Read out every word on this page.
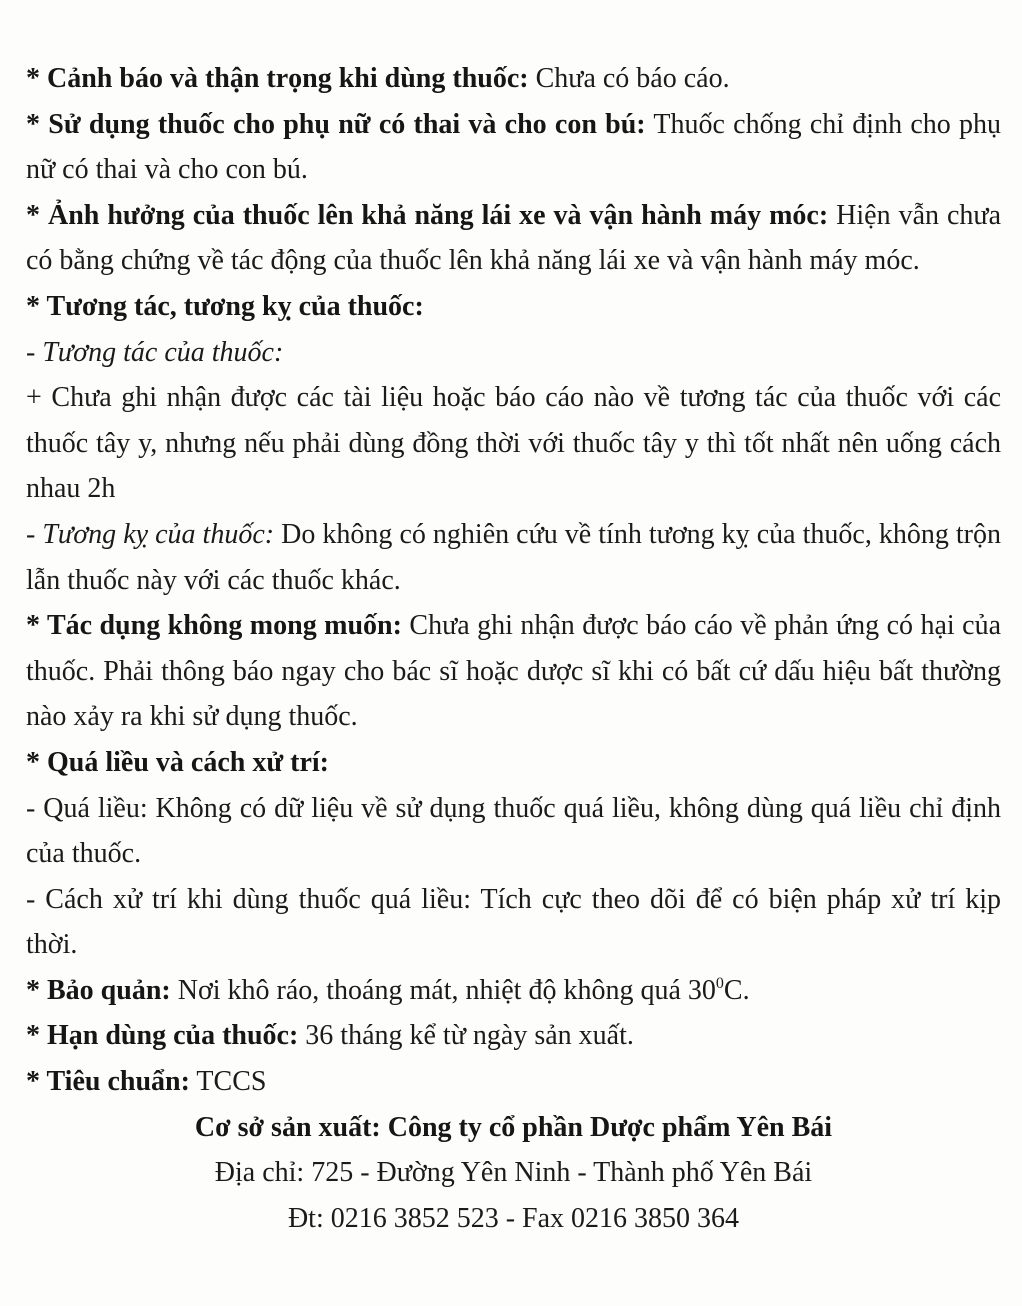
* Cảnh báo và thận trọng khi dùng thuốc: Chưa có báo cáo.

* Sử dụng thuốc cho phụ nữ có thai và cho con bú: Thuốc chống chỉ định cho phụ nữ có thai và cho con bú.

* Ảnh hưởng của thuốc lên khả năng lái xe và vận hành máy móc: Hiện vẫn chưa có bằng chứng về tác động của thuốc lên khả năng lái xe và vận hành máy móc.

* Tương tác, tương kỵ của thuốc:

- Tương tác của thuốc:

+ Chưa ghi nhận được các tài liệu hoặc báo cáo nào về tương tác của thuốc với các thuốc tây y, nhưng nếu phải dùng đồng thời với thuốc tây y thì tốt nhất nên uống cách nhau 2h

- Tương kỵ của thuốc: Do không có nghiên cứu về tính tương kỵ của thuốc, không trộn lẫn thuốc này với các thuốc khác.

* Tác dụng không mong muốn: Chưa ghi nhận được báo cáo về phản ứng có hại của thuốc. Phải thông báo ngay cho bác sĩ hoặc dược sĩ khi có bất cứ dấu hiệu bất thường nào xảy ra khi sử dụng thuốc.

* Quá liều và cách xử trí:

- Quá liều: Không có dữ liệu về sử dụng thuốc quá liều, không dùng quá liều chỉ định của thuốc.

- Cách xử trí khi dùng thuốc quá liều: Tích cực theo dõi để có biện pháp xử trí kịp thời.

* Bảo quản: Nơi khô ráo, thoáng mát, nhiệt độ không quá $30^0C$.

* Hạn dùng của thuốc: 36 tháng kể từ ngày sản xuất.

* Tiêu chuẩn: TCCS

Cơ sở sản xuất: Công ty cổ phần Dược phẩm Yên Bái

Địa chỉ: 725 - Đường Yên Ninh - Thành phố Yên Bái

Đt: 0216 3852 523 - Fax 0216 3850 364
